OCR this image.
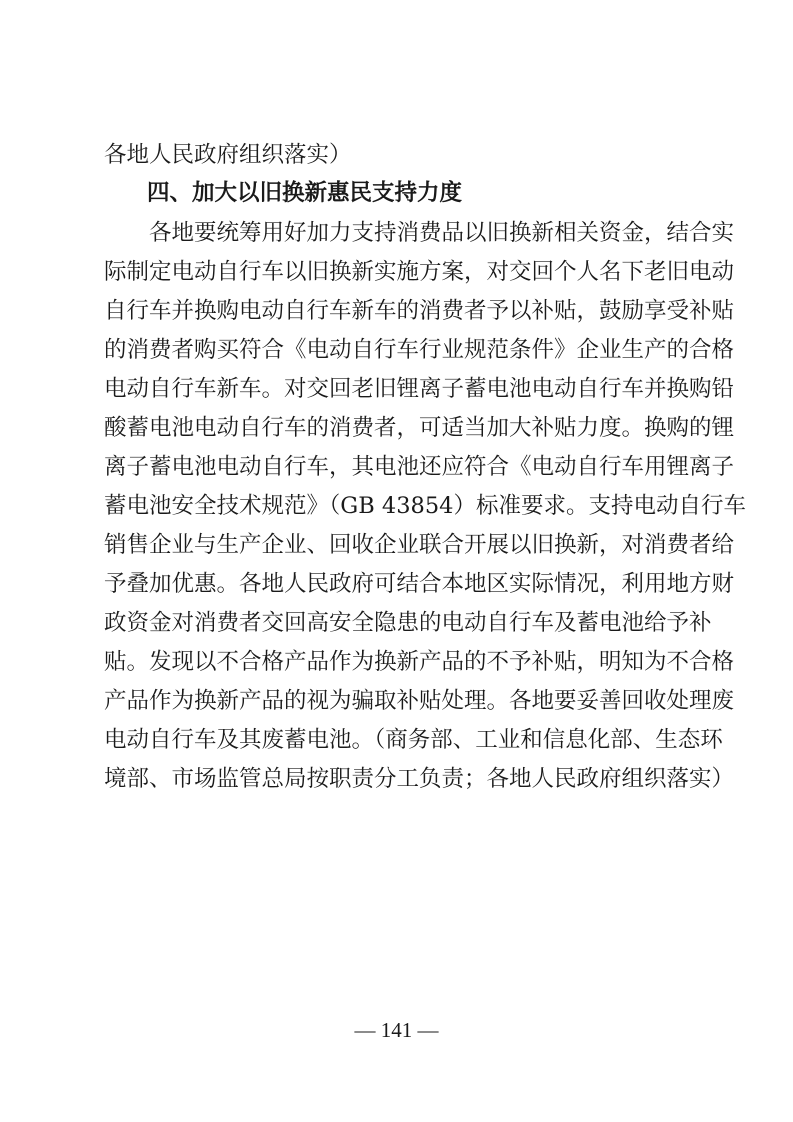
各地人民政府组织落实）
四、加大以旧换新惠民支持力度
　　各地要统筹用好加力支持消费品以旧换新相关资金，结合实
际制定电动自行车以旧换新实施方案，对交回个人名下老旧电动
自行车并换购电动自行车新车的消费者予以补贴，鼓励享受补贴
的消费者购买符合《电动自行车行业规范条件》企业生产的合格
电动自行车新车。对交回老旧锂离子蓄电池电动自行车并换购铅
酸蓄电池电动自行车的消费者，可适当加大补贴力度。换购的锂
离子蓄电池电动自行车，其电池还应符合《电动自行车用锂离子
蓄电池安全技术规范》（GB 43854）标准要求。支持电动自行车
销售企业与生产企业、回收企业联合开展以旧换新，对消费者给
予叠加优惠。各地人民政府可结合本地区实际情况，利用地方财
政资金对消费者交回高安全隐患的电动自行车及蓄电池给予补
贴。发现以不合格产品作为换新产品的不予补贴，明知为不合格
产品作为换新产品的视为骗取补贴处理。各地要妥善回收处理废
电动自行车及其废蓄电池。（商务部、工业和信息化部、生态环
境部、市场监管总局按职责分工负责；各地人民政府组织落实）
— 141 —
